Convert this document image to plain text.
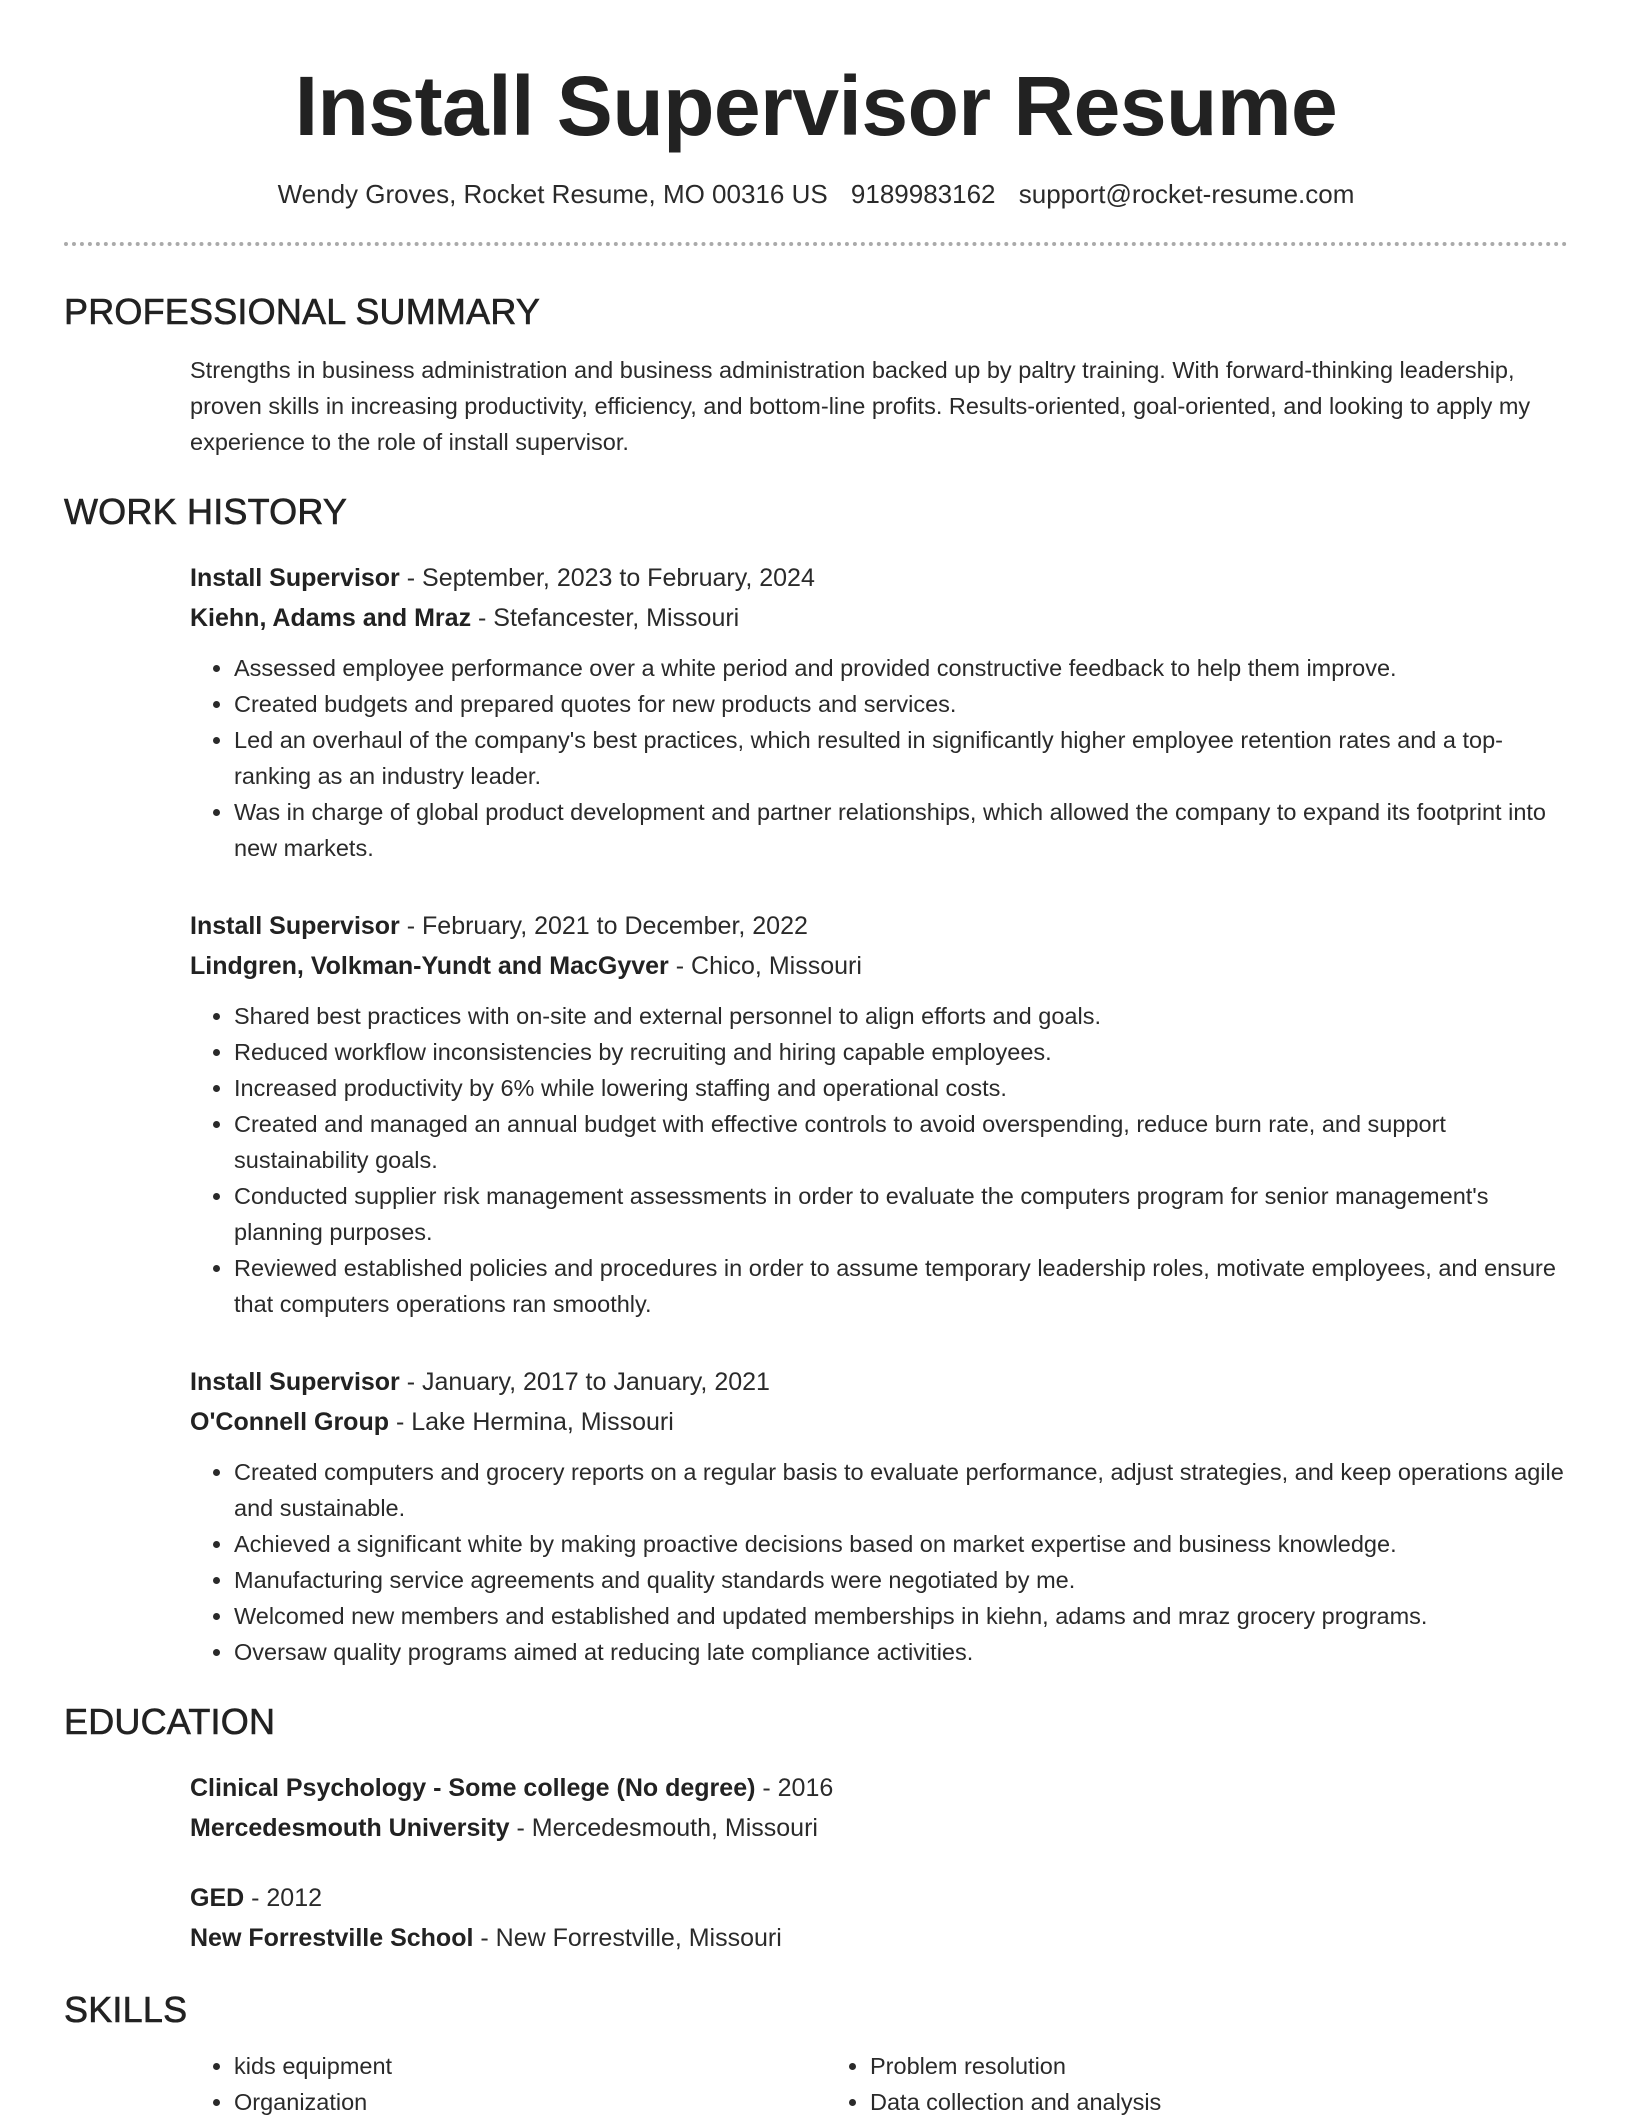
Install Supervisor Resume
Wendy Groves, Rocket Resume, MO 00316 US 9189983162 support@rocket-resume.com
PROFESSIONAL SUMMARY

Strengths in business administration and business administration backed up by paltry training. With forward-thinking leadership, proven skills in increasing productivity, efficiency, and bottom-line profits. Results-oriented, goal-oriented, and looking to apply my experience to the role of install supervisor.

WORK HISTORY
Install Supervisor - September, 2023 to February, 2024
Kiehn, Adams and Mraz - Stefancester, Missouri
• Assessed employee performance over a white period and provided constructive feedback to help them improve.
• Created budgets and prepared quotes for new products and services.
• Led an overhaul of the company's best practices, which resulted in significantly higher employee retention rates and a top-ranking as an industry leader.
• Was in charge of global product development and partner relationships, which allowed the company to expand its footprint into new markets.
Install Supervisor - February, 2021 to December, 2022
Lindgren, Volkman-Yundt and MacGyver - Chico, Missouri
• Shared best practices with on-site and external personnel to align efforts and goals.
• Reduced workflow inconsistencies by recruiting and hiring capable employees.
• Increased productivity by 6% while lowering staffing and operational costs.
• Created and managed an annual budget with effective controls to avoid overspending, reduce burn rate, and support sustainability goals.
• Conducted supplier risk management assessments in order to evaluate the computers program for senior management's planning purposes.
• Reviewed established policies and procedures in order to assume temporary leadership roles, motivate employees, and ensure that computers operations ran smoothly.
Install Supervisor - January, 2017 to January, 2021
O'Connell Group - Lake Hermina, Missouri
• Created computers and grocery reports on a regular basis to evaluate performance, adjust strategies, and keep operations agile and sustainable.
• Achieved a significant white by making proactive decisions based on market expertise and business knowledge.
• Manufacturing service agreements and quality standards were negotiated by me.
• Welcomed new members and established and updated memberships in kiehn, adams and mraz grocery programs.
• Oversaw quality programs aimed at reducing late compliance activities.
EDUCATION
Clinical Psychology - Some college (No degree) - 2016
Mercedesmouth University - Mercedesmouth, Missouri
GED - 2012
New Forrestville School - New Forrestville, Missouri
SKILLS
• kids equipment
• Organization
• Problem resolution
• Data collection and analysis
